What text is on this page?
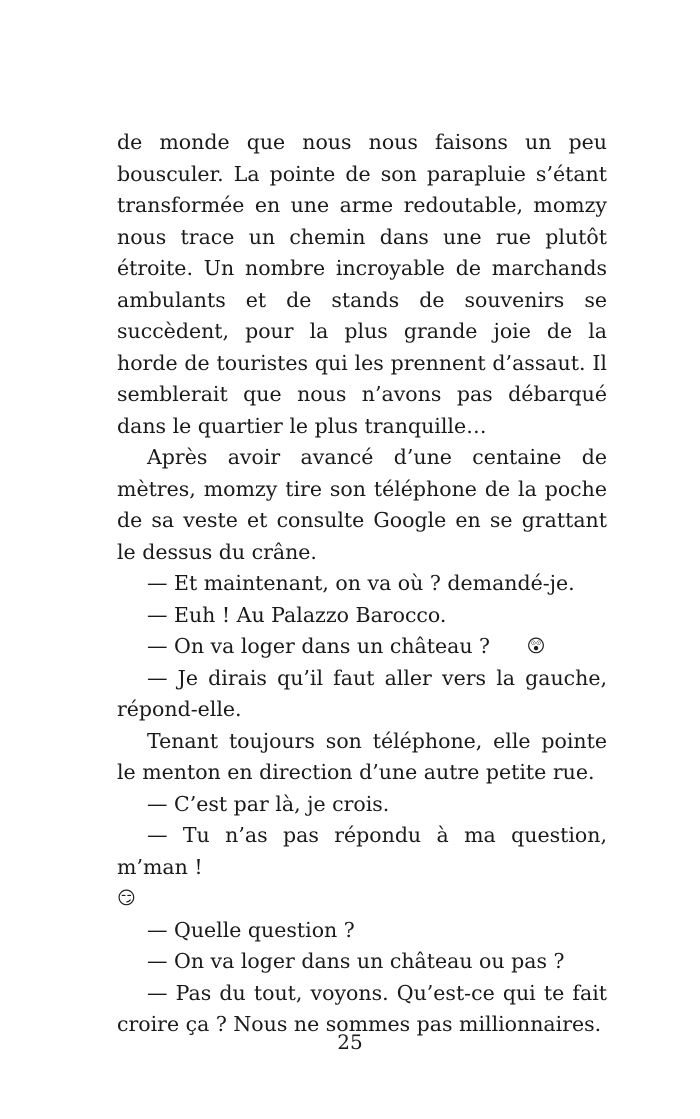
de monde que nous nous faisons un peu bousculer. La pointe de son parapluie s’étant transformée en une arme redoutable, momzy nous trace un chemin dans une rue plutôt étroite. Un nombre incroyable de marchands ambulants et de stands de souvenirs se succèdent, pour la plus grande joie de la horde de touristes qui les prennent d’assaut. Il semblerait que nous n’avons pas débarqué dans le quartier le plus tranquille…

Après avoir avancé d’une centaine de mètres, momzy tire son téléphone de la poche de sa veste et consulte Google en se grattant le dessus du crâne.

— Et maintenant, on va où ? demandé-je.

— Euh ! Au Palazzo Barocco.

— On va loger dans un château ? 😲

— Je dirais qu’il faut aller vers la gauche, répond-elle.

Tenant toujours son téléphone, elle pointe le menton en direction d’une autre petite rue.

— C’est par là, je crois.

— Tu n’as pas répondu à ma question, m’man !

😏

— Quelle question ?

— On va loger dans un château ou pas ?

— Pas du tout, voyons. Qu’est-ce qui te fait croire ça ? Nous ne sommes pas millionnaires.

25
